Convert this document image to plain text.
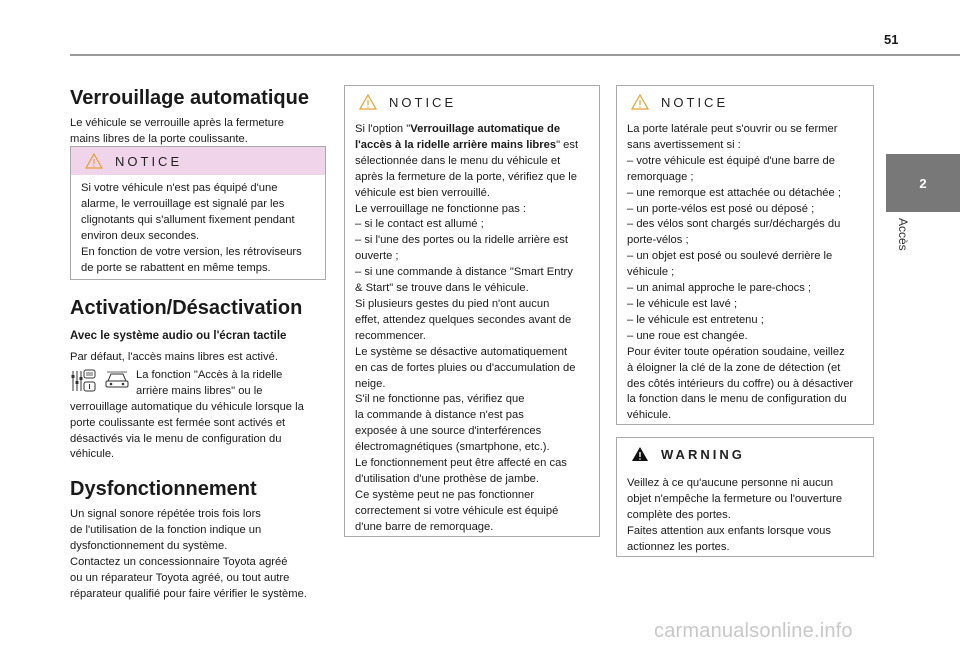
51
2
Accès
Verrouillage automatique

Le véhicule se verrouille après la fermeture

mains libres de la porte coulissante.

NOTICE

Si votre véhicule n'est pas équipé d'une

alarme, le verrouillage est signalé par les

clignotants qui s'allument fixement pendant

environ deux secondes.

En fonction de votre version, les rétroviseurs

de porte se rabattent en même temps.

Activation/Désactivation

Avec le système audio ou l'écran tactile

Par défaut, l'accès mains libres est activé.

La fonction "Accès à la ridelle

arrière mains libres" ou le

verrouillage automatique du véhicule lorsque la

porte coulissante est fermée sont activés et

désactivés via le menu de configuration du

véhicule.

Dysfonctionnement

Un signal sonore répétée trois fois lors

de l'utilisation de la fonction indique un

dysfonctionnement du système.

Contactez un concessionnaire Toyota agréé

ou un réparateur Toyota agréé, ou tout autre

réparateur qualifié pour faire vérifier le système.

NOTICE

Si l'option "Verrouillage automatique de

l'accès à la ridelle arrière mains libres" est

sélectionnée dans le menu du véhicule et

après la fermeture de la porte, vérifiez que le

véhicule est bien verrouillé.

Le verrouillage ne fonctionne pas :

– si le contact est allumé ;

– si l'une des portes ou la ridelle arrière est

ouverte ;

– si une commande à distance "Smart Entry

& Start" se trouve dans le véhicule.

Si plusieurs gestes du pied n'ont aucun

effet, attendez quelques secondes avant de

recommencer.

Le système se désactive automatiquement

en cas de fortes pluies ou d'accumulation de

neige.

S'il ne fonctionne pas, vérifiez que

la commande à distance n'est pas

exposée à une source d'interférences

électromagnétiques (smartphone, etc.).

Le fonctionnement peut être affecté en cas

d'utilisation d'une prothèse de jambe.

Ce système peut ne pas fonctionner

correctement si votre véhicule est équipé

d'une barre de remorquage.

NOTICE

La porte latérale peut s'ouvrir ou se fermer

sans avertissement si :

– votre véhicule est équipé d'une barre de

remorquage ;

– une remorque est attachée ou détachée ;

– un porte-vélos est posé ou déposé ;

– des vélos sont chargés sur/déchargés du

porte-vélos ;

– un objet est posé ou soulevé derrière le

véhicule ;

– un animal approche le pare-chocs ;

– le véhicule est lavé ;

– le véhicule est entretenu ;

– une roue est changée.

Pour éviter toute opération soudaine, veillez

à éloigner la clé de la zone de détection (et

des côtés intérieurs du coffre) ou à désactiver

la fonction dans le menu de configuration du

véhicule.

WARNING

Veillez à ce qu'aucune personne ni aucun

objet n'empêche la fermeture ou l'ouverture

complète des portes.

Faites attention aux enfants lorsque vous

actionnez les portes.

carmanualsonline.info
